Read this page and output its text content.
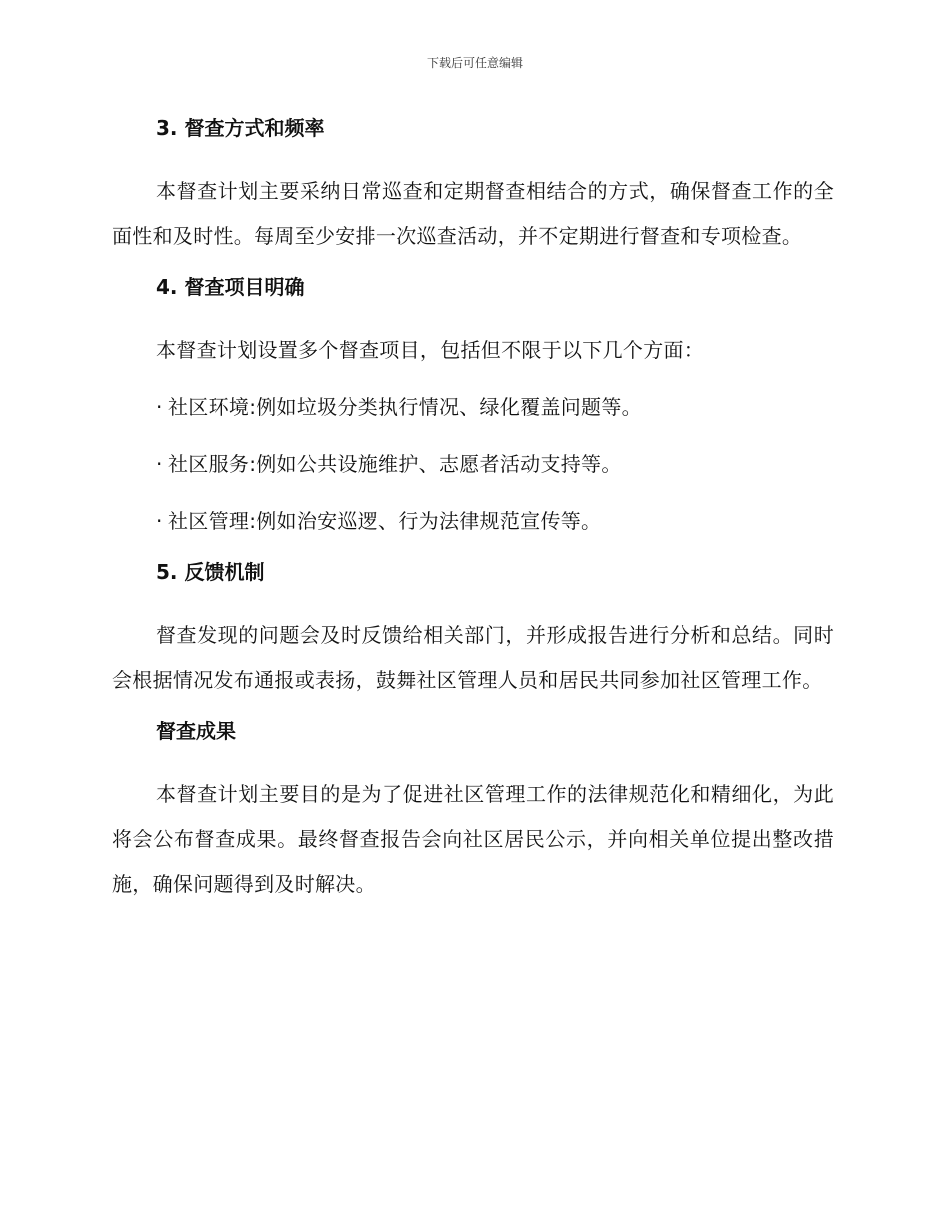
下载后可任意编辑
3. 督查方式和频率

本督查计划主要采纳日常巡查和定期督查相结合的方式，确保督查工作的全面性和及时性。每周至少安排一次巡查活动，并不定期进行督查和专项检查。

4. 督查项目明确

本督查计划设置多个督查项目，包括但不限于以下几个方面：

· 社区环境:例如垃圾分类执行情况、绿化覆盖问题等。
· 社区服务:例如公共设施维护、志愿者活动支持等。
· 社区管理:例如治安巡逻、行为法律规范宣传等。
5. 反馈机制

督查发现的问题会及时反馈给相关部门，并形成报告进行分析和总结。同时会根据情况发布通报或表扬，鼓舞社区管理人员和居民共同参加社区管理工作。

督查成果

本督查计划主要目的是为了促进社区管理工作的法律规范化和精细化，为此将会公布督查成果。最终督查报告会向社区居民公示，并向相关单位提出整改措施，确保问题得到及时解决。
